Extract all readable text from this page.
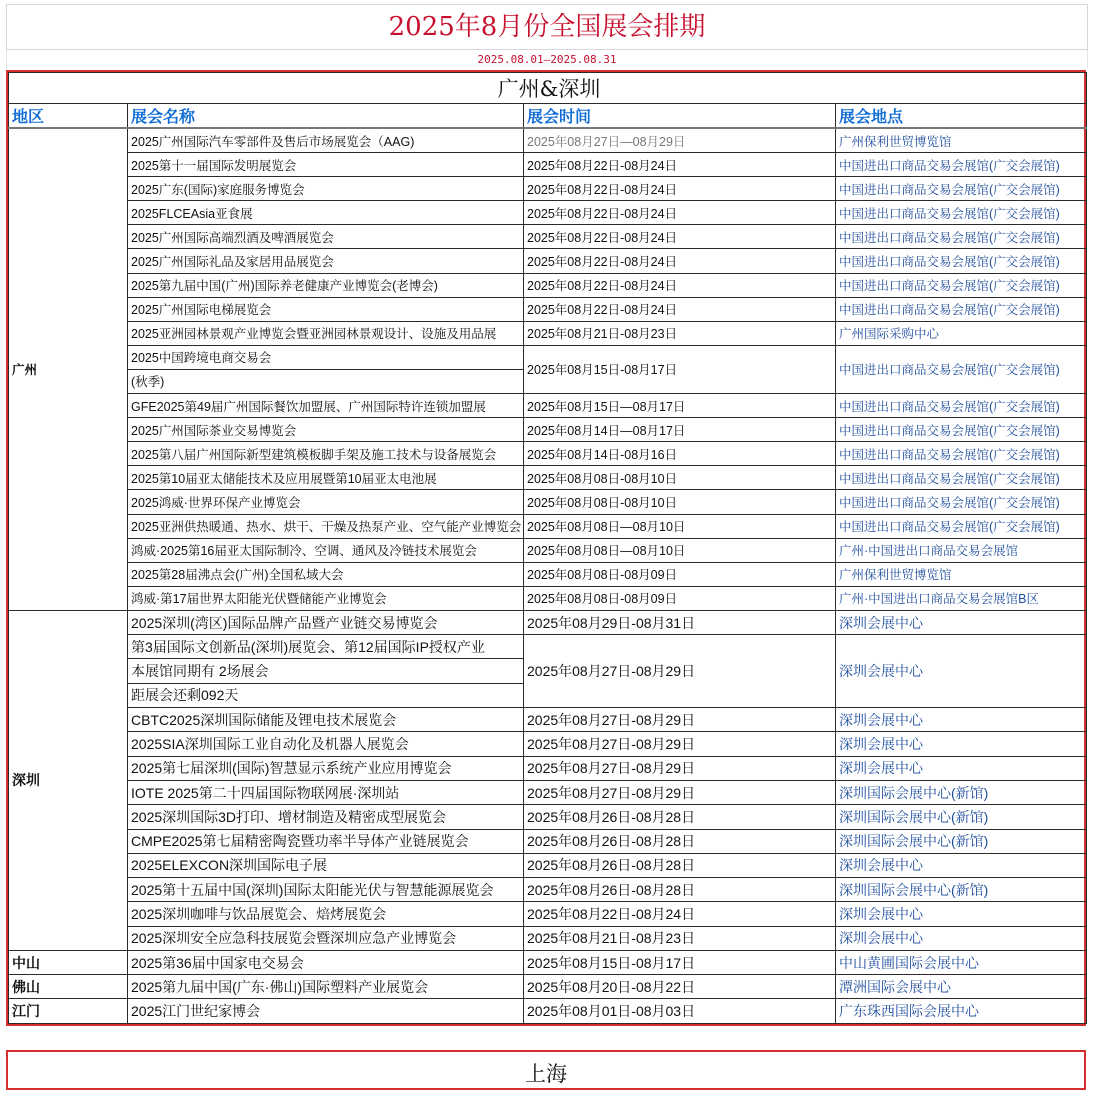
2025年8月份全国展会排期
2025.08.01—2025.08.31
广州&深圳			
地区	展会名称	展会时间	展会地点
广州	2025广州国际汽车零部件及售后市场展览会（AAG)	2025年08月27日—08月29日	广州保利世贸博览馆
	2025第十一届国际发明展览会	2025年08月22日-08月24日	中国进出口商品交易会展馆(广交会展馆)
	2025广东(国际)家庭服务博览会	2025年08月22日-08月24日	中国进出口商品交易会展馆(广交会展馆)
	2025FLCEAsia亚食展	2025年08月22日-08月24日	中国进出口商品交易会展馆(广交会展馆)
	2025广州国际高端烈酒及啤酒展览会	2025年08月22日-08月24日	中国进出口商品交易会展馆(广交会展馆)
	2025广州国际礼品及家居用品展览会	2025年08月22日-08月24日	中国进出口商品交易会展馆(广交会展馆)
	2025第九届中国(广州)国际养老健康产业博览会(老博会)	2025年08月22日-08月24日	中国进出口商品交易会展馆(广交会展馆)
	2025广州国际电梯展览会	2025年08月22日-08月24日	中国进出口商品交易会展馆(广交会展馆)
	2025亚洲园林景观产业博览会暨亚洲园林景观设计、设施及用品展	2025年08月21日-08月23日	广州国际采购中心
	2025中国跨境电商交易会	2025年08月15日-08月17日	中国进出口商品交易会展馆(广交会展馆)
	(秋季)		
	GFE2025第49届广州国际餐饮加盟展、广州国际特许连锁加盟展	2025年08月15日—08月17日	中国进出口商品交易会展馆(广交会展馆)
	2025广州国际茶业交易博览会	2025年08月14日—08月17日	中国进出口商品交易会展馆(广交会展馆)
	2025第八届广州国际新型建筑模板脚手架及施工技术与设备展览会	2025年08月14日-08月16日	中国进出口商品交易会展馆(广交会展馆)
	2025第10届亚太储能技术及应用展暨第10届亚太电池展	2025年08月08日-08月10日	中国进出口商品交易会展馆(广交会展馆)
	2025鸿威·世界环保产业博览会	2025年08月08日-08月10日	中国进出口商品交易会展馆(广交会展馆)
	2025亚洲供热暖通、热水、烘干、干燥及热泵产业、空气能产业博览会	2025年08月08日—08月10日	中国进出口商品交易会展馆(广交会展馆)
	鸿威·2025第16届亚太国际制冷、空调、通风及冷链技术展览会	2025年08月08日—08月10日	广州·中国进出口商品交易会展馆
	2025第28届沸点会(广州)全国私域大会	2025年08月08日-08月09日	广州保利世贸博览馆
	鸿威·第17届世界太阳能光伏暨储能产业博览会	2025年08月08日-08月09日	广州·中国进出口商品交易会展馆B区
深圳	2025深圳(湾区)国际品牌产品暨产业链交易博览会	2025年08月29日-08月31日	深圳会展中心
	第3届国际文创新品(深圳)展览会、第12届国际IP授权产业	2025年08月27日-08月29日	深圳会展中心
	本展馆同期有 2场展会		
	距展会还剩092天		
	CBTC2025深圳国际储能及锂电技术展览会	2025年08月27日-08月29日	深圳会展中心
	2025SIA深圳国际工业自动化及机器人展览会	2025年08月27日-08月29日	深圳会展中心
	2025第七届深圳(国际)智慧显示系统产业应用博览会	2025年08月27日-08月29日	深圳会展中心
	IOTE 2025第二十四届国际物联网展·深圳站	2025年08月27日-08月29日	深圳国际会展中心(新馆)
	2025深圳国际3D打印、增材制造及精密成型展览会	2025年08月26日-08月28日	深圳国际会展中心(新馆)
	CMPE2025第七届精密陶瓷暨功率半导体产业链展览会	2025年08月26日-08月28日	深圳国际会展中心(新馆)
	2025ELEXCON深圳国际电子展	2025年08月26日-08月28日	深圳会展中心
	2025第十五届中国(深圳)国际太阳能光伏与智慧能源展览会	2025年08月26日-08月28日	深圳国际会展中心(新馆)
	2025深圳咖啡与饮品展览会、焙烤展览会	2025年08月22日-08月24日	深圳会展中心
	2025深圳安全应急科技展览会暨深圳应急产业博览会	2025年08月21日-08月23日	深圳会展中心
中山	2025第36届中国家电交易会	2025年08月15日-08月17日	中山黄圃国际会展中心
佛山	2025第九届中国(广东·佛山)国际塑料产业展览会	2025年08月20日-08月22日	潭洲国际会展中心
江门	2025江门世纪家博会	2025年08月01日-08月03日	广东珠西国际会展中心
上海
